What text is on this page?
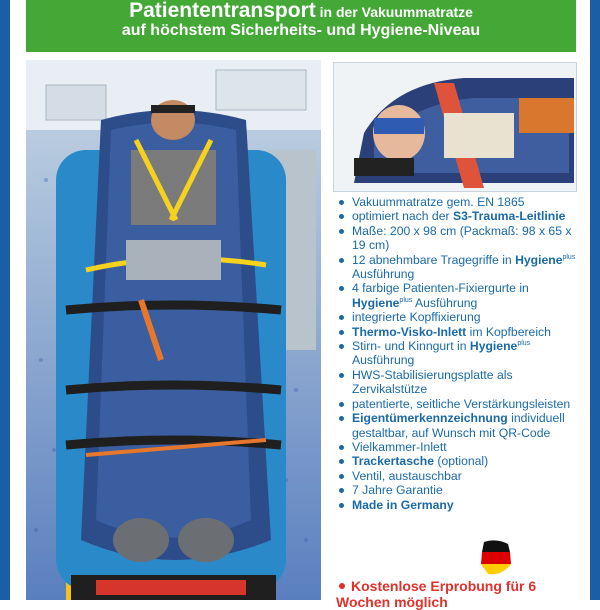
Patiententransport in der Vakuummatratze
auf höchstem Sicherheits- und Hygiene-Niveau
Vakuummatratze gem. EN 1865
optimiert nach der S3-Trauma-Leitlinie
Maße: 200 x 98 cm (Packmaß: 98 x 65 x 19 cm)
12 abnehmbare Tragegriffe in Hygiene$^{plus}$ Ausführung
4 farbige Patienten-Fixiergurte in Hygiene$^{plus}$ Ausführung
integrierte Kopffixierung
Thermo-Visko-Inlett im Kopfbereich
Stirn- und Kinngurt in Hygiene$^{plus}$ Ausführung
HWS-Stabilisierungsplatte als Zervikalstütze
patentierte, seitliche Verstärkungsleisten
Eigentümerkennzeichnung individuell gestaltbar, auf Wunsch mit QR-Code
Vielkammer-Inlett
Trackertasche (optional)
Ventil, austauschbar
7 Jahre Garantie
Made in Germany
Kostenlose Erprobung für 6 Wochen möglich
